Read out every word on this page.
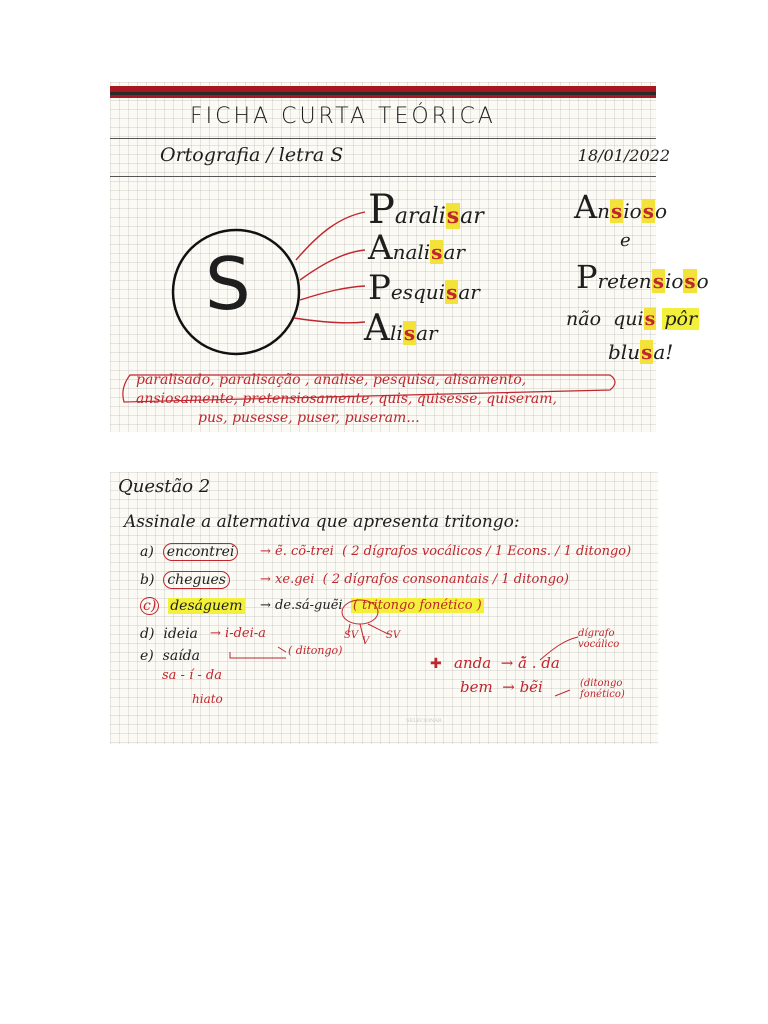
FICHA CURTA TEÓRICA
Ortografia / letra S	18/01/2022
S
Paralisar
Analisar
Pesquisar
Alisar
Ansioso
e
Pretensioso
não quis pôr
blusa!
paralisado, paralisação , analise, pesquisa, alisamento,
ansiosamente, pretensiosamente, quis, quisesse, quiseram,
pus, pusesse, puser, puseram...
Questão 2
Assinale a alternativa que apresenta tritongo:
a) encontrei	→ ẽ. cõ-trei ( 2 dígrafos vocálicos / 1 Econs. / 1 ditongo)
b) chegues	→ xe.gei ( 2 dígrafos consonantais / 1 ditongo)
c) deságuem → de.sá-guẽi ( tritongo fonético )
d) ideia → i-dei-a
e) saída	( ditongo)
SV
V
SV
sa - í - da
hiato
✚ anda  → ã̆ . da
bem  → bẽi
dígrafo vocálico
(ditongo fonético)
SELECIONAR
